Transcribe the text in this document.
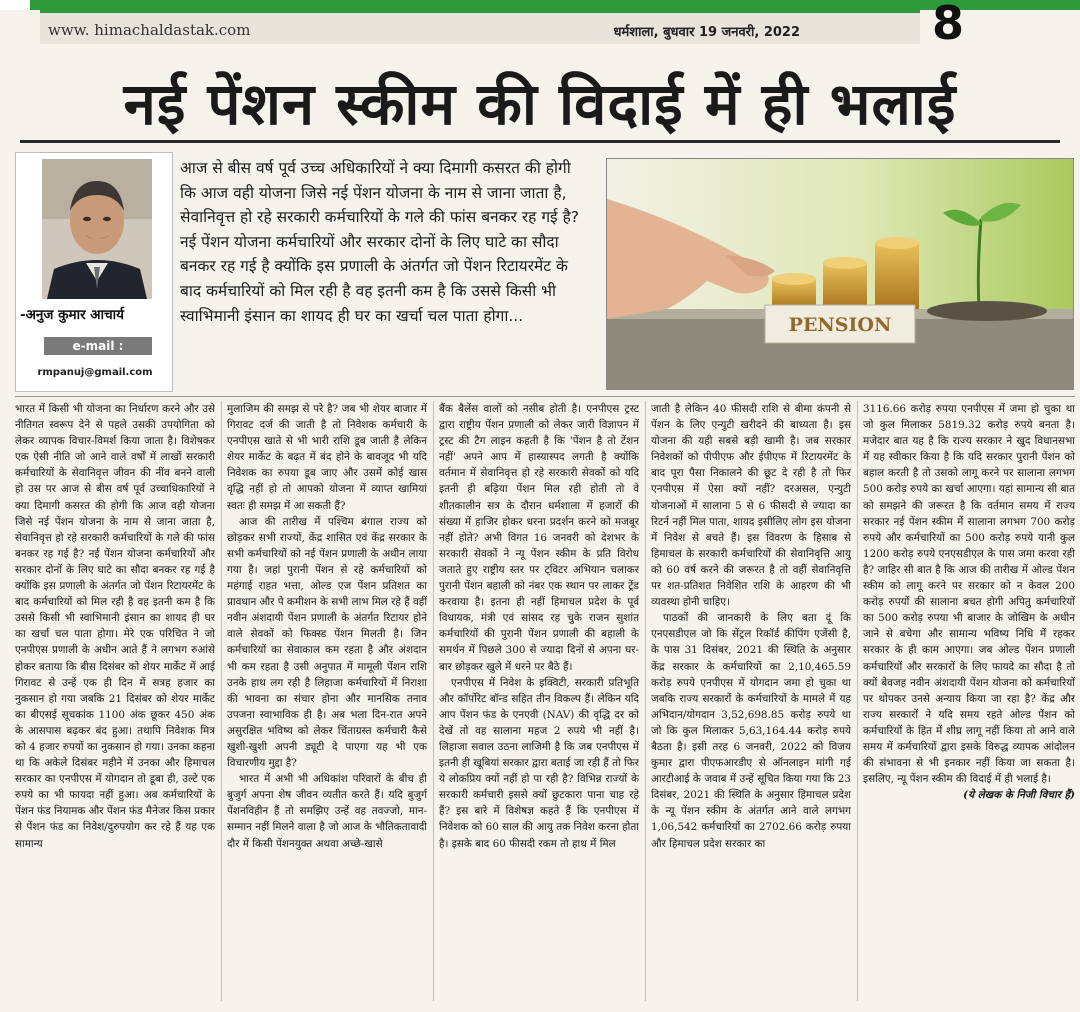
www. himachaldastak.com	धर्मशाला, बुधवार 19 जनवरी, 2022	8
नई पेंशन स्कीम की विदाई में ही भलाई
-अनुज कुमार आचार्य
e-mail :
rmpanuj@gmail.com

आज से बीस वर्ष पूर्व उच्च अधिकारियों ने क्या दिमागी कसरत की होगी कि आज वही योजना जिसे नई पेंशन योजना के नाम से जाना जाता है, सेवानिवृत्त हो रहे सरकारी कर्मचारियों के गले की फांस बनकर रह गई है? नई पेंशन योजना कर्मचारियों और सरकार दोनों के लिए घाटे का सौदा बनकर रह गई है क्योंकि इस प्रणाली के अंतर्गत जो पेंशन रिटायरमेंट के बाद कर्मचारियों को मिल रही है वह इतनी कम है कि उससे किसी भी स्वाभिमानी इंसान का शायद ही घर का खर्चा चल पाता होगा...	PENSION

भारत में किसी भी योजना का निर्धारण करने और उसे नीतिगत स्वरूप देने से पहले उसकी उपयोगिता को लेकर व्यापक विचार-विमर्श किया जाता है। विशेषकर एक ऐसी नीति जो आने वाले वर्षों में लाखों सरकारी कर्मचारियों के सेवानिवृत्त जीवन की नींव बनने वाली हो उस पर आज से बीस वर्ष पूर्व उच्चाधिकारियों ने क्या दिमागी कसरत की होगी कि आज वही योजना जिसे नई पेंशन योजना के नाम से जाना जाता है, सेवानिवृत्त हो रहे सरकारी कर्मचारियों के गले की फांस बनकर रह गई है? नई पेंशन योजना कर्मचारियों और सरकार दोनों के लिए घाटे का सौदा बनकर रह गई है क्योंकि इस प्रणाली के अंतर्गत जो पेंशन रिटायरमेंट के बाद कर्मचारियों को मिल रही है वह इतनी कम है कि उससे किसी भी स्वाभिमानी इंसान का शायद ही घर का खर्चा चल पाता होगा। मेरे एक परिचित ने जो एनपीएस प्रणाली के अधीन आते हैं ने लगभग रुआंसे होकर बताया कि बीस दिसंबर को शेयर मार्केट में आई गिरावट से उन्हें एक ही दिन में सत्रह हजार का नुकसान हो गया जबकि 21 दिसंबर को शेयर मार्केट का बीएसई सूचकांक 1100 अंक छूकर 450 अंक के आसपास बढ़कर बंद हुआ। तथापि निवेशक मित्र को 4 हजार रुपयों का नुकसान हो गया। उनका कहना था कि अकेले दिसंबर महीने में उनका और हिमाचल सरकार का एनपीएस में योगदान तो डूबा ही, उल्टे एक रुपये का भी फायदा नहीं हुआ। अब कर्मचारियों के पेंशन फंड नियामक और पेंशन फंड मैनेजर किस प्रकार से पेंशन फंड का निवेश/दुरुपयोग कर रहे हैं यह एक सामान्य

मुलाजिम की समझ से परे है? जब भी शेयर बाजार में गिरावट दर्ज की जाती है तो निवेशक कर्मचारी के एनपीएस खाते से भी भारी राशि डूब जाती है लेकिन शेयर मार्केट के बढ़त में बंद होने के बावजूद भी यदि निवेशक का रुपया डूब जाए और उसमें कोई खास वृद्धि नहीं हो तो आपको योजना में व्याप्त खामियां स्वतः ही समझ में आ सकती हैं?

आज की तारीख में पश्चिम बंगाल राज्य को छोड़कर सभी राज्यों, केंद्र शासित एवं केंद्र सरकार के सभी कर्मचारियों को नई पेंशन प्रणाली के अधीन लाया गया है। जहां पुरानी पेंशन से रहे कर्मचारियों को महंगाई राहत भत्ता, ओल्ड एज पेंशन प्रतिशत का प्रावधान और पे कमीशन के सभी लाभ मिल रहे हैं वहीं नवीन अंशदायी पेंशन प्रणाली के अंतर्गत रिटायर होने वाले सेवकों को फिक्स्ड पेंशन मिलती है। जिन कर्मचारियों का सेवाकाल कम रहता है और अंशदान भी कम रहता है उसी अनुपात में मामूली पेंशन राशि उनके हाथ लग रही है लिहाजा कर्मचारियों में निराशा की भावना का संचार होना और मानसिक तनाव उपजना स्वाभाविक ही है। अब भला दिन-रात अपने असुरक्षित भविष्य को लेकर चिंताग्रस्त कर्मचारी कैसे खुशी-खुशी अपनी ड्यूटी दे पाएगा यह भी एक विचारणीय मुद्दा है?

भारत में अभी भी अधिकांश परिवारों के बीच ही बुजुर्ग अपना शेष जीवन व्यतीत करते हैं। यदि बुजुर्ग पेंशनविहीन हैं तो समझिए उन्हें वह तवज्जो, मान-सम्मान नहीं मिलने वाला है जो आज के भौतिकतावादी दौर में किसी पेंशनयुक्त अथवा अच्छे-खासे

बैंक बैलेंस वालों को नसीब होती है। एनपीएस ट्रस्ट द्वारा राष्ट्रीय पेंशन प्रणाली को लेकर जारी विज्ञापन में ट्रस्ट की टैग लाइन कहती है कि 'पेंशन है तो टेंशन नहीं' अपने आप में हास्यास्पद लगती है क्योंकि वर्तमान में सेवानिवृत्त हो रहे सरकारी सेवकों को यदि इतनी ही बढ़िया पेंशन मिल रही होती तो वे शीतकालीन सत्र के दौरान धर्मशाला में हजारों की संख्या में हाजिर होकर धरना प्रदर्शन करने को मजबूर नहीं होते? अभी विगत 16 जनवरी को देशभर के सरकारी सेवकों ने न्यू पेंशन स्कीम के प्रति विरोध जताते हुए राष्ट्रीय स्तर पर ट्विटर अभियान चलाकर पुरानी पेंशन बहाली को नंबर एक स्थान पर लाकर ट्रेंड करवाया है। इतना ही नहीं हिमाचल प्रदेश के पूर्व विधायक, मंत्री एवं सांसद रह चुके राजन सुशांत कर्मचारियों की पुरानी पेंशन प्रणाली की बहाली के समर्थन में पिछले 300 से ज्यादा दिनों से अपना घर-बार छोड़कर खुले में धरने पर बैठे हैं।

एनपीएस में निवेश के इक्विटी, सरकारी प्रतिभूति और कॉर्पोरेट बॉन्ड सहित तीन विकल्प हैं। लेकिन यदि आप पेंशन फंड के एनएवी (NAV) की वृद्धि दर को देखें तो वह सालाना महज 2 रुपये भी नहीं है। लिहाजा सवाल उठना लाजिमी है कि जब एनपीएस में इतनी ही खूबियां सरकार द्वारा बताई जा रही हैं तो फिर ये लोकप्रिय क्यों नहीं हो पा रही है? विभिन्न राज्यों के सरकारी कर्मचारी इससे क्यों छुटकारा पाना चाह रहे हैं? इस बारे में विशेषज्ञ कहते हैं कि एनपीएस में निवेशक को 60 साल की आयु तक निवेश करना होता है। इसके बाद 60 फीसदी रकम तो हाथ में मिल

जाती है लेकिन 40 फीसदी राशि से बीमा कंपनी से पेंशन के लिए एन्युटी खरीदने की बाध्यता है। इस योजना की यही सबसे बड़ी खामी है। जब सरकार निवेशकों को पीपीएफ और ईपीएफ में रिटायरमेंट के बाद पूरा पैसा निकालने की छूट दे रही है तो फिर एनपीएस में ऐसा क्यों नहीं? दरअसल, एन्युटी योजनाओं में सालाना 5 से 6 फीसदी से ज्यादा का रिटर्न नहीं मिल पाता, शायद इसीलिए लोग इस योजना में निवेश से बचते हैं। इस विवरण के हिसाब से हिमाचल के सरकारी कर्मचारियों की सेवानिवृत्ति आयु को 60 वर्ष करने की जरूरत है तो वहीं सेवानिवृत्ति पर शत-प्रतिशत निवेशित राशि के आहरण की भी व्यवस्था होनी चाहिए।

पाठकों की जानकारी के लिए बता दूं कि एनएसडीएल जो कि सेंट्रल रिकॉर्ड कीपिंग एजेंसी है, के पास 31 दिसंबर, 2021 की स्थिति के अनुसार केंद्र सरकार के कर्मचारियों का 2,10,465.59 करोड़ रुपये एनपीएस में योगदान जमा हो चुका था जबकि राज्य सरकारों के कर्मचारियों के मामले में यह अभिदान/योगदान 3,52,698.85 करोड़ रुपये था जो कि कुल मिलाकर 5,63,164.44 करोड़ रुपये बैठता है। इसी तरह 6 जनवरी, 2022 को विजय कुमार द्वारा पीएफआरडीए से ऑनलाइन मांगी गई आरटीआई के जवाब में उन्हें सूचित किया गया कि 23 दिसंबर, 2021 की स्थिति के अनुसार हिमाचल प्रदेश के न्यू पेंशन स्कीम के अंतर्गत आने वाले लगभग 1,06,542 कर्मचारियों का 2702.66 करोड़ रुपया और हिमाचल प्रदेश सरकार का

3116.66 करोड़ रुपया एनपीएस में जमा हो चुका था जो कुल मिलाकर 5819.32 करोड़ रुपये बनता है। मजेदार बात यह है कि राज्य सरकार ने खुद विधानसभा में यह स्वीकार किया है कि यदि सरकार पुरानी पेंशन को बहाल करती है तो उसको लागू करने पर सालाना लगभग 500 करोड़ रुपये का खर्चा आएगा। यहां सामान्य सी बात को समझने की जरूरत है कि वर्तमान समय में राज्य सरकार नई पेंशन स्कीम में सालाना लगभग 700 करोड़ रुपये और कर्मचारियों का 500 करोड़ रुपये यानी कुल 1200 करोड़ रुपये एनएसडीएल के पास जमा करवा रही है? जाहिर सी बात है कि आज की तारीख में ओल्ड पेंशन स्कीम को लागू करने पर सरकार को न केवल 200 करोड़ रुपयों की सालाना बचत होगी अपितु कर्मचारियों का 500 करोड़ रुपया भी बाजार के जोखिम के अधीन जाने से बचेगा और सामान्य भविष्य निधि में रहकर सरकार के ही काम आएगा। जब ओल्ड पेंशन प्रणाली कर्मचारियों और सरकारों के लिए फायदे का सौदा है तो क्यों बेवजह नवीन अंशदायी पेंशन योजना को कर्मचारियों पर थोपकर उनसे अन्याय किया जा रहा है? केंद्र और राज्य सरकारों ने यदि समय रहते ओल्ड पेंशन को कर्मचारियों के हित में शीघ्र लागू नहीं किया तो आने वाले समय में कर्मचारियों द्वारा इसके विरुद्ध व्यापक आंदोलन की संभावना से भी इनकार नहीं किया जा सकता है। इसलिए, न्यू पेंशन स्कीम की विदाई में ही भलाई है।

(ये लेखक के निजी विचार हैं)
